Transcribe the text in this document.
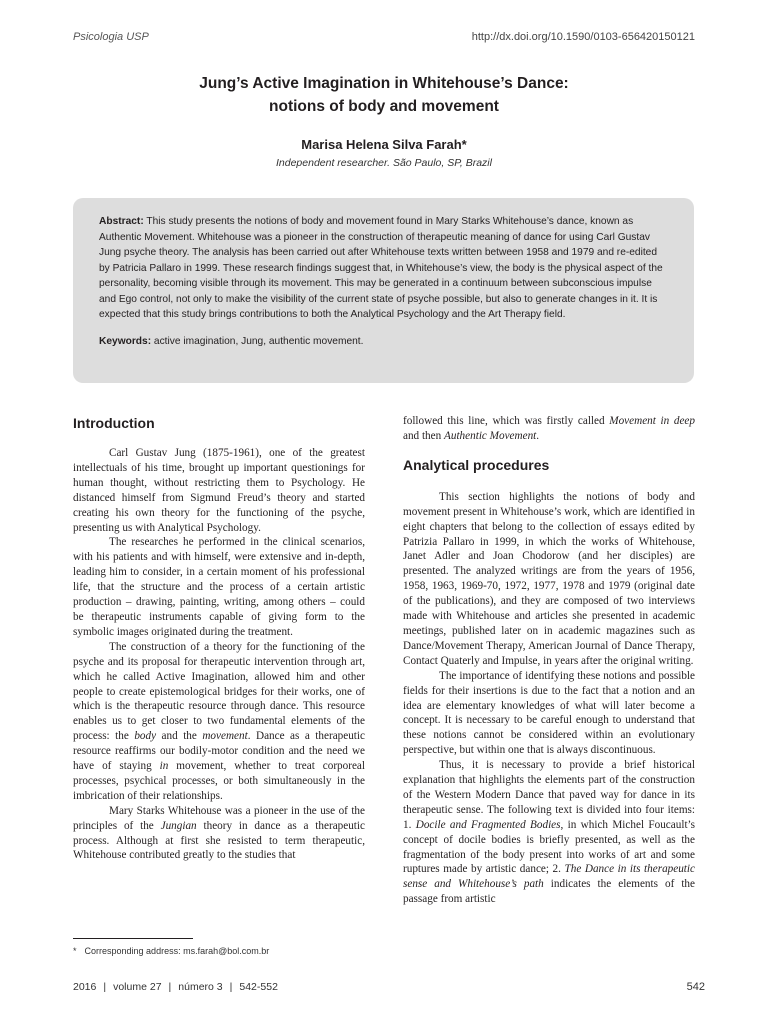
Psicologia USP	http://dx.doi.org/10.1590/0103-656420150121
Jung’s Active Imagination in Whitehouse’s Dance:
notions of body and movement
Marisa Helena Silva Farah*
Independent researcher. São Paulo, SP, Brazil
Abstract: This study presents the notions of body and movement found in Mary Starks Whitehouse’s dance, known as Authentic Movement. Whitehouse was a pioneer in the construction of therapeutic meaning of dance for using Carl Gustav Jung psyche theory. The analysis has been carried out after Whitehouse texts written between 1958 and 1979 and re-edited by Patricia Pallaro in 1999. These research findings suggest that, in Whitehouse’s view, the body is the physical aspect of the personality, becoming visible through its movement. This may be generated in a continuum between subconscious impulse and Ego control, not only to make the visibility of the current state of psyche possible, but also to generate changes in it. It is expected that this study brings contributions to both the Analytical Psychology and the Art Therapy field.
Keywords: active imagination, Jung, authentic movement.
Introduction

Carl Gustav Jung (1875-1961), one of the greatest intellectuals of his time, brought up important questionings for human thought, without restricting them to Psychology. He distanced himself from Sigmund Freud’s theory and started creating his own theory for the functioning of the psyche, presenting us with Analytical Psychology.

The researches he performed in the clinical scenarios, with his patients and with himself, were extensive and in-depth, leading him to consider, in a certain moment of his professional life, that the structure and the process of a certain artistic production – drawing, painting, writing, among others – could be therapeutic instruments capable of giving form to the symbolic images originated during the treatment.

The construction of a theory for the functioning of the psyche and its proposal for therapeutic intervention through art, which he called Active Imagination, allowed him and other people to create epistemological bridges for their works, one of which is the therapeutic resource through dance. This resource enables us to get closer to two fundamental elements of the process: the body and the movement. Dance as a therapeutic resource reaffirms our bodily-motor condition and the need we have of staying in movement, whether to treat corporeal processes, psychical processes, or both simultaneously in the imbrication of their relationships.

Mary Starks Whitehouse was a pioneer in the use of the principles of the Jungian theory in dance as a therapeutic process. Although at first she resisted to term therapeutic, Whitehouse contributed greatly to the studies that

followed this line, which was firstly called Movement in deep and then Authentic Movement.

Analytical procedures

This section highlights the notions of body and movement present in Whitehouse’s work, which are identified in eight chapters that belong to the collection of essays edited by Patrizia Pallaro in 1999, in which the works of Whitehouse, Janet Adler and Joan Chodorow (and her disciples) are presented. The analyzed writings are from the years of 1956, 1958, 1963, 1969-70, 1972, 1977, 1978 and 1979 (original date of the publications), and they are composed of two interviews made with Whitehouse and articles she presented in academic meetings, published later on in academic magazines such as Dance/Movement Therapy, American Journal of Dance Therapy, Contact Quaterly and Impulse, in years after the original writing.

The importance of identifying these notions and possible fields for their insertions is due to the fact that a notion and an idea are elementary knowledges of what will later become a concept. It is necessary to be careful enough to understand that these notions cannot be considered within an evolutionary perspective, but within one that is always discontinuous.

Thus, it is necessary to provide a brief historical explanation that highlights the elements part of the construction of the Western Modern Dance that paved way for dance in its therapeutic sense. The following text is divided into four items: 1. Docile and Fragmented Bodies, in which Michel Foucault’s concept of docile bodies is briefly presented, as well as the fragmentation of the body present into works of art and some ruptures made by artistic dance; 2. The Dance in its therapeutic sense and Whitehouse’s path indicates the elements of the passage from artistic

* Corresponding address: ms.farah@bol.com.br
2016 | volume 27 | número 3 | 542-552	542
